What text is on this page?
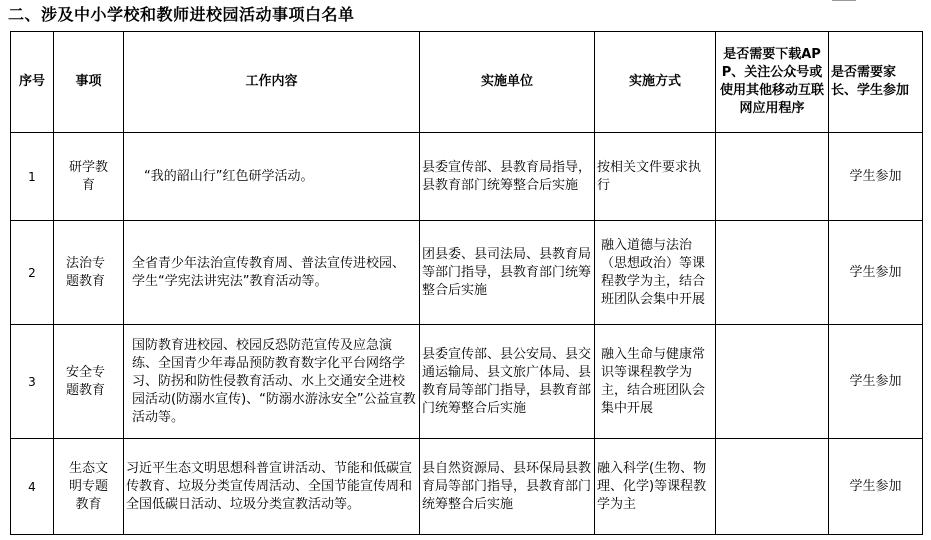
二、涉及中小学校和教师进校园活动事项白名单
序号	事项	工作内容	实施单位	实施方式	是否需要下载APP、关注公众号或使用其他移动互联网应用程序	是否需要家长、学生参加
1	研学教育	“我的韶山行”红色研学活动。	县委宣传部、县教育局指导，县教育部门统筹整合后实施	按相关文件要求执行		学生参加
2	法治专题教育	全省青少年法治宣传教育周、普法宣传进校园、学生“学宪法讲宪法”教育活动等。	团县委、县司法局、县教育局等部门指导，县教育部门统筹整合后实施	融入道德与法治（思想政治）等课程教学为主，结合班团队会集中开展		学生参加
3	安全专题教育	国防教育进校园、校园反恐防范宣传及应急演练、全国青少年毒品预防教育数字化平台网络学习、防拐和防性侵教育活动、水上交通安全进校园活动(防溺水宣传)、“防溺水游泳安全”公益宣教活动等。	县委宣传部、县公安局、县交通运输局、县文旅广体局、县教育局等部门指导，县教育部门统筹整合后实施	融入生命与健康常识等课程教学为主，结合班团队会集中开展		学生参加
4	生态文明专题教育	习近平生态文明思想科普宣讲活动、节能和低碳宣传教育、垃圾分类宣传周活动、全国节能宣传周和全国低碳日活动、垃圾分类宣教活动等。	县自然资源局、县环保局县教育局等部门指导，县教育部门统筹整合后实施	融入科学(生物、物理、化学)等课程教学为主		学生参加
